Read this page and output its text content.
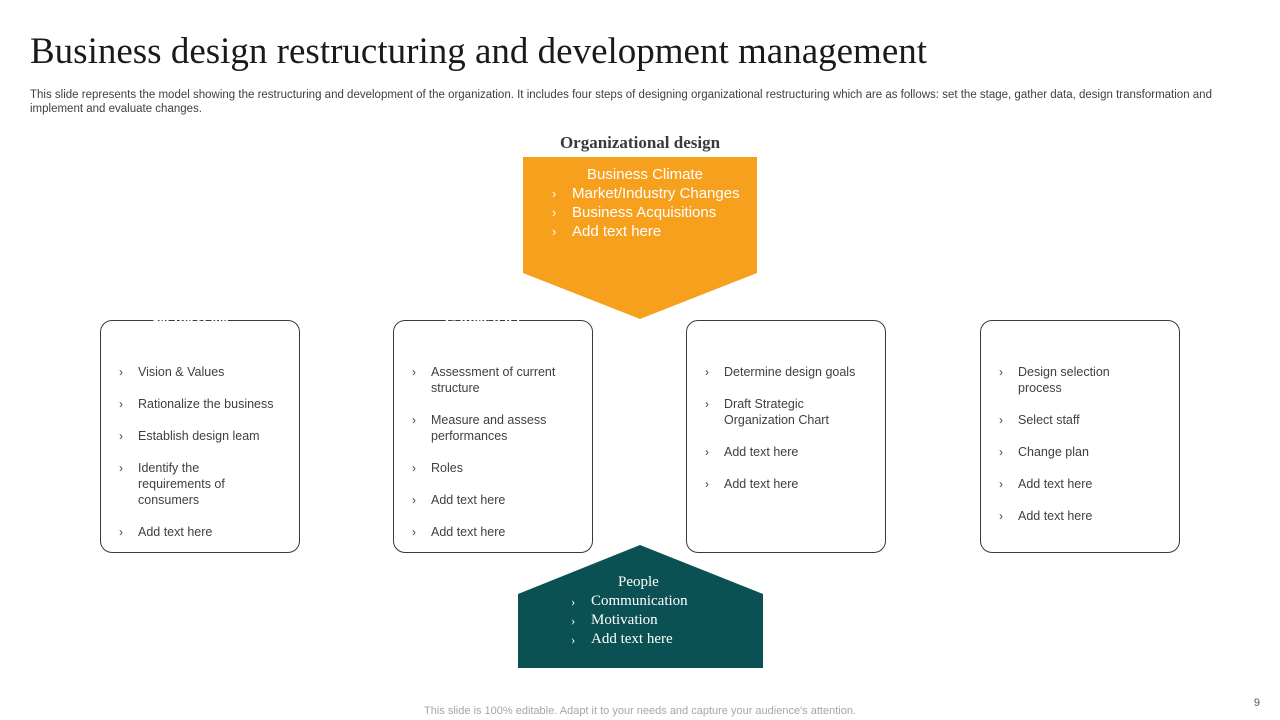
Business design restructuring and development management
This slide represents the model showing the restructuring and development of the organization. It includes four steps of designing organizational restructuring which are as follows: set the stage, gather data, design transformation and implement and evaluate changes.
Organizational design
Business Climate
› Market/Industry Changes
› Business Acquisitions
› Add text here
› Vision & Values
› Rationalize the business
› Establish design leam
› Identify the requirements of consumers
› Add text here
Set the stage
› Assessment of current structure
› Measure and assess performances
› Roles
› Add text here
› Add text here
Gather data
› Determine design goals
› Draft Strategic Organization Chart
› Add text here
› Add text here
Design transformation
› Design selection process
› Select staff
› Change plan
› Add text here
› Add text here
Implement And evaluate
People
› Communication
› Motivation
› Add text here
This slide is 100% editable. Adapt it to your needs and capture your audience's attention.
9
